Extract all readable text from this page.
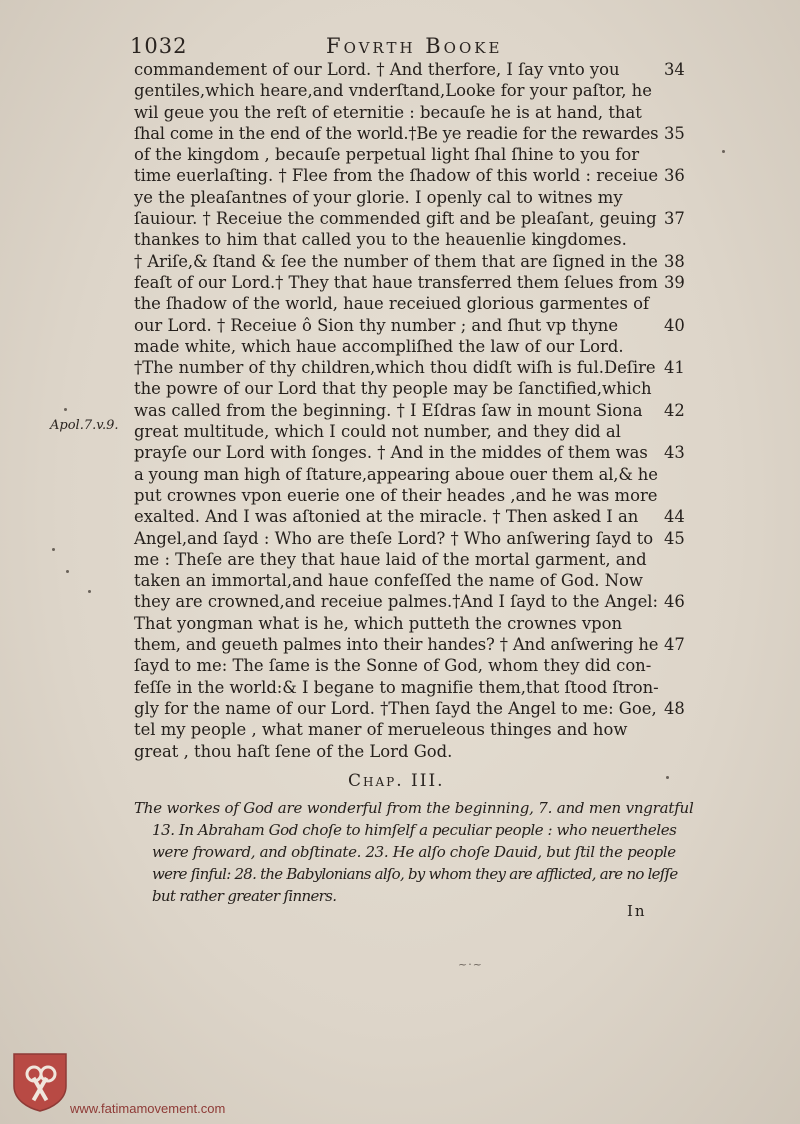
1032	Fovrth Booke
commandement of our Lord. † And therfore, I ſay vnto you
gentiles,which heare,and vnderſtand,Looke for your paſtor, he
wil geue you the reſt of eternitie : becauſe he is at hand, that
ſhal come in the end of the world.†Be ye readie for the rewardes
of the kingdom , becauſe perpetual light ſhal ſhine to you for
time euerlaſting. † Flee from the ſhadow of this world : receiue
ye the pleaſantnes of your glorie. I openly cal to witnes my
ſauiour. † Receiue the commended gift and be pleaſant, geuing
thankes to him that called you to the heauenlie kingdomes.
† Ariſe,& ſtand & ſee the number of them that are ſigned in the
feaſt of our Lord.† They that haue transferred them ſelues from
the ſhadow of the world, haue receiued glorious garmentes of
our Lord. † Receiue ô Sion thy number ; and ſhut vp thyne
made white, which haue accompliſhed the law of our Lord.
†The number of thy children,which thou didſt wiſh is ful.Deſire
the powre of our Lord that thy people may be ſanctified,which
was called from the beginning. † I Eſdras ſaw in mount Siona
great multitude, which I could not number, and they did al
prayſe our Lord with ſonges. † And in the middes of them was
a young man high of ſtature,appearing aboue ouer them al,& he
put crownes vpon euerie one of their heades ,and he was more
exalted. And I was aſtonied at the miracle. † Then asked I an
Angel,and ſayd : Who are theſe Lord? † Who anſwering ſayd to
me : Theſe are they that haue laid of the mortal garment, and
taken an immortal,and haue confeſſed the name of God. Now
they are crowned,and receiue palmes.†And I ſayd to the Angel:
That yongman what is he, which putteth the crownes vpon
them, and geueth palmes into their handes? † And anſwering he
ſayd to me: The ſame is the Sonne of God, whom they did con-
feſſe in the world:& I begane to magnifie them,that ſtood ſtron-
gly for the name of our Lord. †Then ſayd the Angel to me: Goe,
tel my people , what maner of merueleous thinges and how
great , thou haſt ſene of the Lord God.
34
35
36
37
38
39
40
41
42
43
44
45
46
47
48
Apol.7.v.9.
Chap. III.
The workes of God are wonderful from the beginning, 7. and men vngratful
13. In Abraham God choſe to himſelf a peculiar people : who neuertheles
were froward, and obſtinate. 23. He alſo choſe Dauid, but ſtil the people
were ſinful: 28. the Babylonians alſo, by whom they are afflicted, are no leſſe
but rather greater ſinners.
In
~·~
www.fatimamovement.com
